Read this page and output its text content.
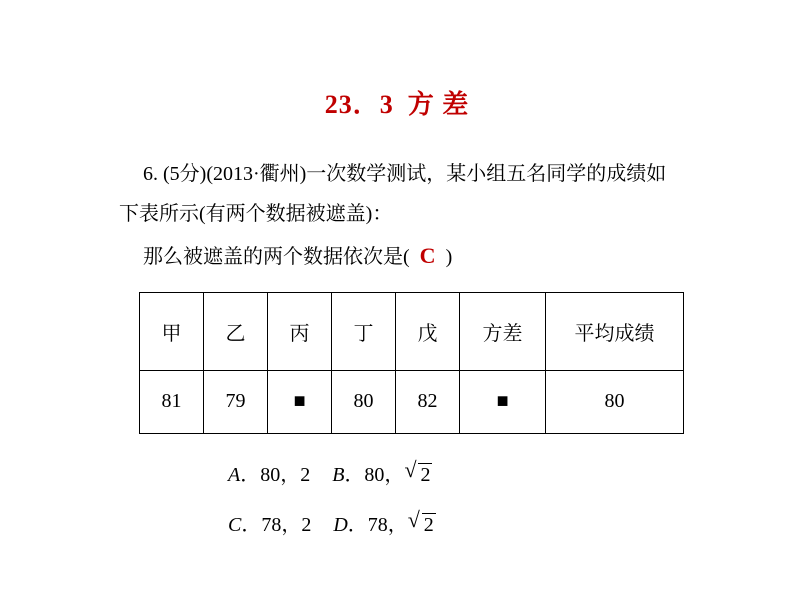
23．3 方 差
6. (5分)(2013·衢州)一次数学测试，某小组五名同学的成绩如
下表所示(有两个数据被遮盖)：
那么被遮盖的两个数据依次是( C )
甲	乙	丙	丁	戊	方差	平均成绩
81	79	■	80	82	■	80
A．80，2 B．80， √ 2
C．78，2 D．78， √ 2
